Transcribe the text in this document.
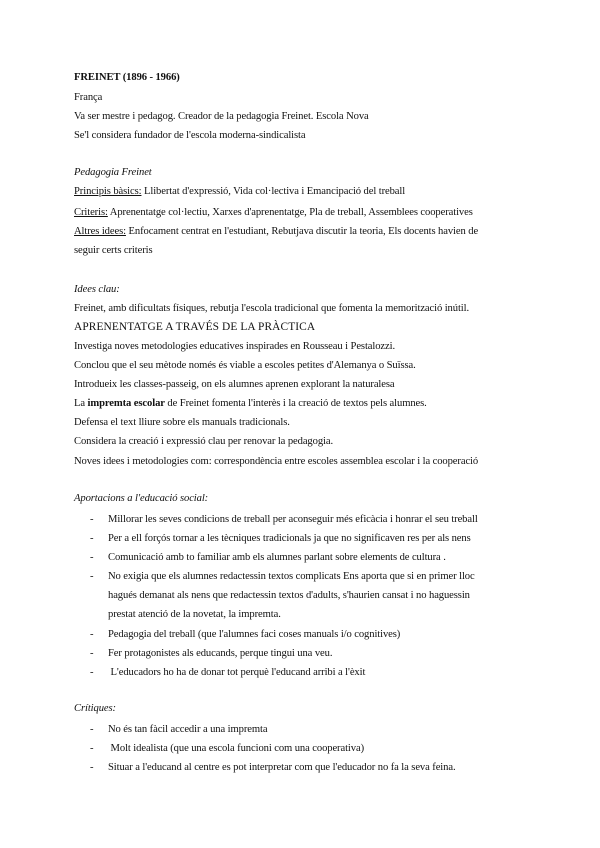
FREINET (1896 - 1966)
França
Va ser mestre i pedagog. Creador de la pedagogia Freinet. Escola Nova
Se'l considera fundador de l'escola moderna-sindicalista
Pedagogia Freinet
Principis bàsics: Llibertat d'expressió, Vida col·lectiva i Emancipació del treball
Criteris: Aprenentatge col·lectiu, Xarxes d'aprenentatge, Pla de treball, Assemblees cooperatives
Altres idees: Enfocament centrat en l'estudiant, Rebutjava discutir la teoria, Els docents havien de
seguir certs criteris
Idees clau:
Freinet, amb dificultats físiques, rebutja l'escola tradicional que fomenta la memorització inútil.
APRENENTATGE A TRAVÉS DE LA PRÀCTICA
Investiga noves metodologies educatives inspirades en Rousseau i Pestalozzi.
Conclou que el seu mètode només és viable a escoles petites d'Alemanya o Suïssa.
Introdueix les classes-passeig, on els alumnes aprenen explorant la naturalesa
La impremta escolar de Freinet fomenta l'interès i la creació de textos pels alumnes.
Defensa el text lliure sobre els manuals tradicionals.
Considera la creació i expressió clau per renovar la pedagogia.
Noves idees i metodologies com: correspondència entre escoles assemblea escolar i la cooperació
Aportacions a l'educació social:
- Millorar les seves condicions de treball per aconseguir més eficàcia i honrar el seu treball
- Per a ell forçós tornar a les tècniques tradicionals ja que no significaven res per als nens
- Comunicació amb to familiar amb els alumnes parlant sobre elements de cultura .
- No exigia que els alumnes redactessin textos complicats Ens aporta que si en primer lloc
hagués demanat als nens que redactessin textos d'adults, s'haurien cansat i no haguessin
prestat atenció de la novetat, la impremta.
- Pedagogia del treball (que l'alumnes faci coses manuals i/o cognitives)
- Fer protagonistes als educands, perque tingui una veu.
- L'educadors ho ha de donar tot perquè l'educand arribi a l'èxit
Crítiques:
- No és tan fàcil accedir a una impremta
- Molt idealista (que una escola funcioni com una cooperativa)
- Situar a l'educand al centre es pot interpretar com que l'educador no fa la seva feina.
